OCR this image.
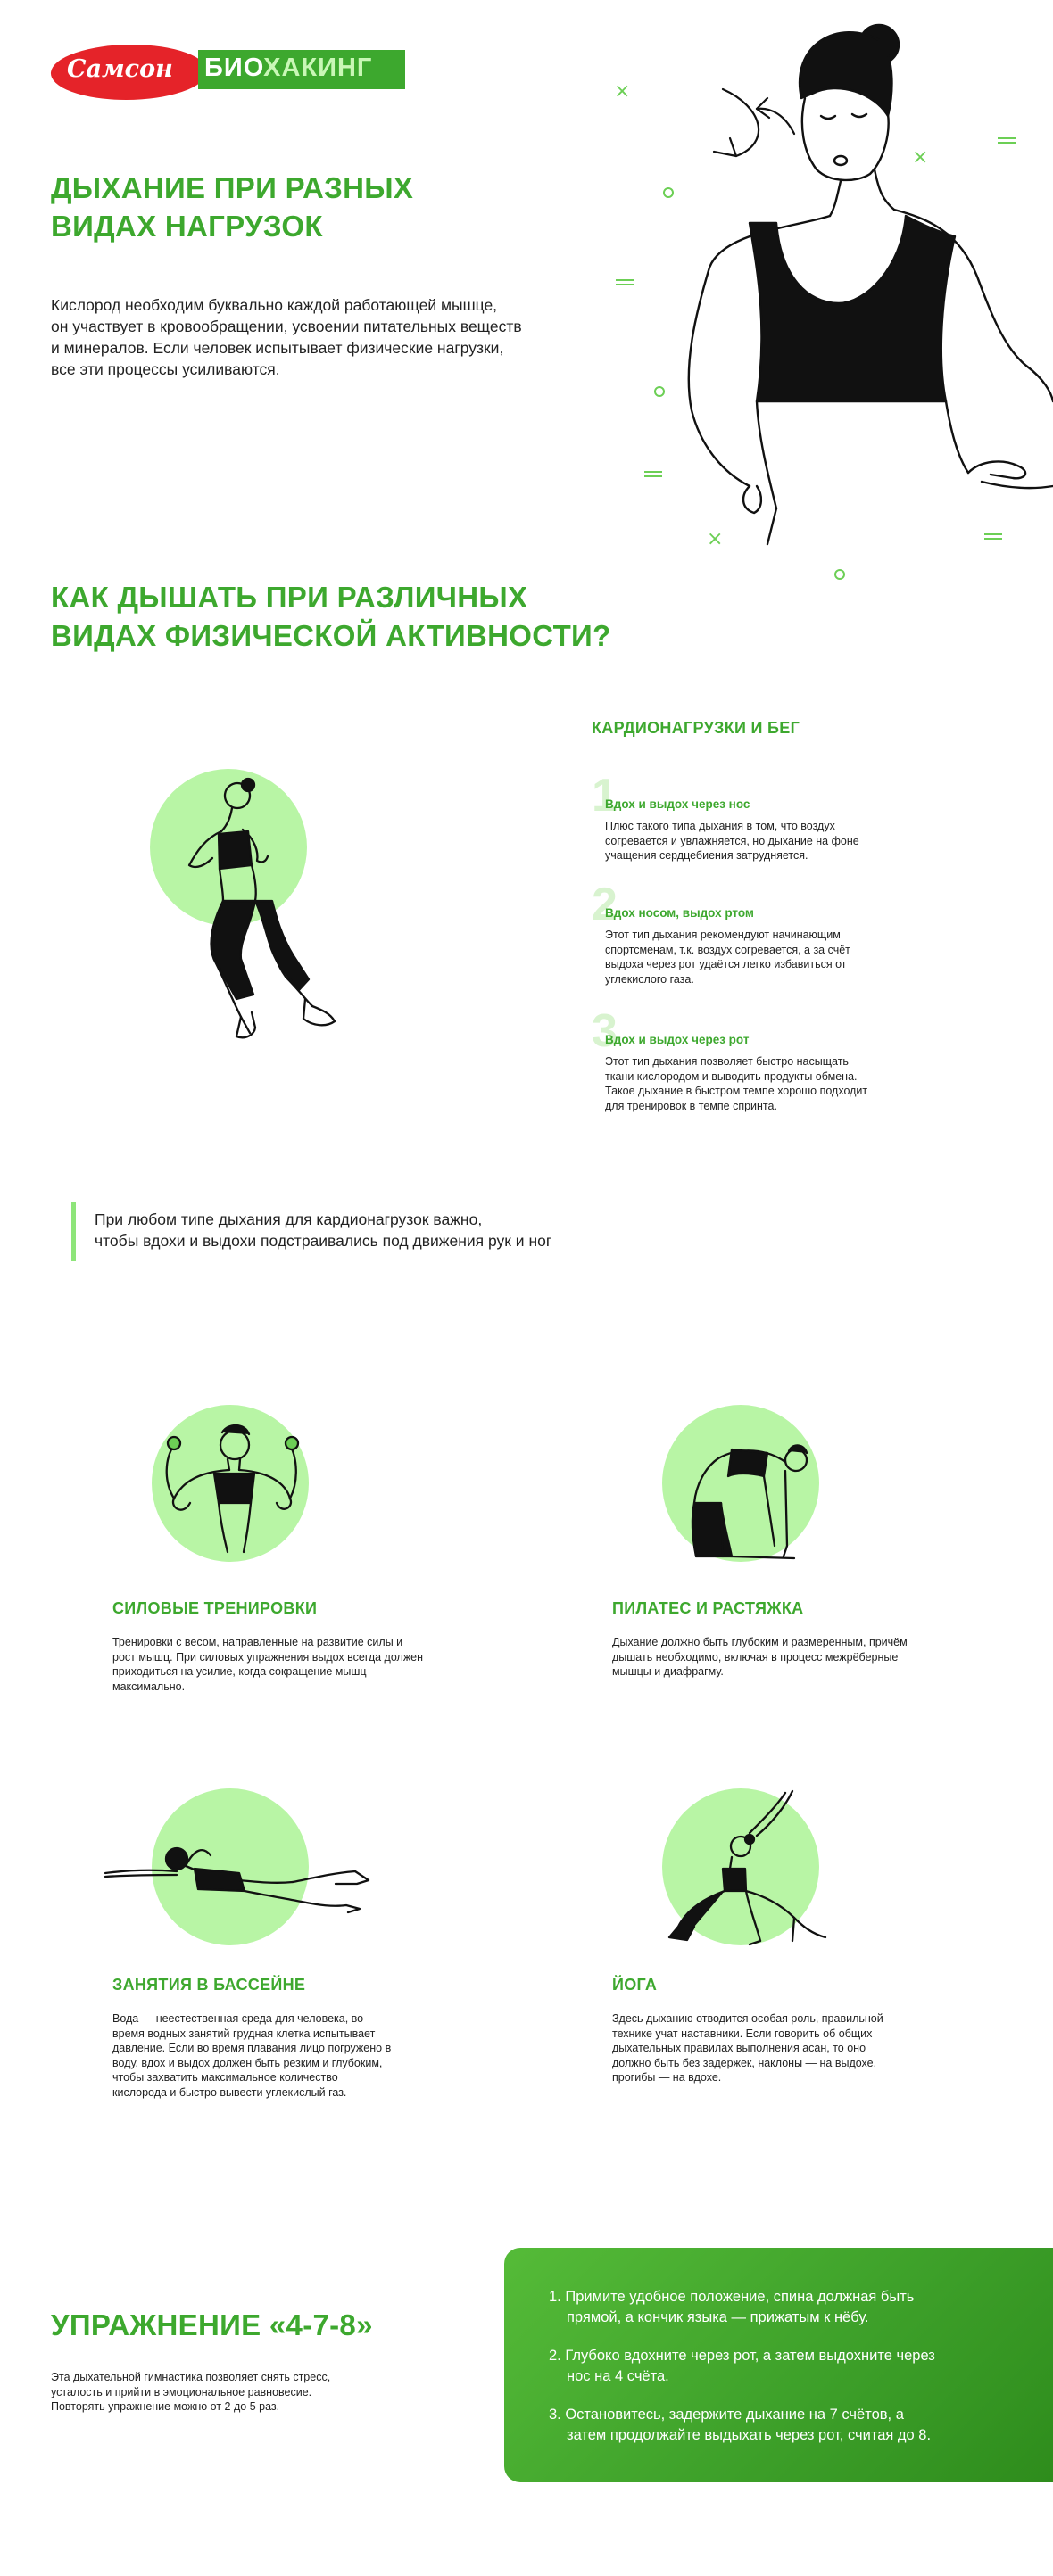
Самсон БИОХАКИНГ
ДЫХАНИЕ ПРИ РАЗНЫХ
ВИДАХ НАГРУЗОК
Кислород необходим буквально каждой работающей мышце,
он участвует в кровообращении, усвоении питательных веществ
и минералов. Если человек испытывает физические нагрузки,
все эти процессы усиливаются.
×
×
×
КАК ДЫШАТЬ ПРИ РАЗЛИЧНЫХ
ВИДАХ ФИЗИЧЕСКОЙ АКТИВНОСТИ?
КАРДИОНАГРУЗКИ И БЕГ
1
Вдох и выдох через нос
Плюс такого типа дыхания в том, что воздух
согревается и увлажняется, но дыхание на фоне
учащения сердцебиения затрудняется.
2
Вдох носом, выдох ртом
Этот тип дыхания рекомендуют начинающим
спортсменам, т.к. воздух согревается, а за счёт
выдоха через рот удаётся легко избавиться от
углекислого газа.
3
Вдох и выдох через рот
Этот тип дыхания позволяет быстро насыщать
ткани кислородом и выводить продукты обмена.
Такое дыхание в быстром темпе хорошо подходит
для тренировок в темпе спринта.
При любом типе дыхания для кардионагрузок важно,
чтобы вдохи и выдохи подстраивались под движения рук и ног
СИЛОВЫЕ ТРЕНИРОВКИ
Тренировки с весом, направленные на развитие силы и
рост мышц. При силовых упражнения выдох всегда должен
приходиться на усилие, когда сокращение мышц
максимально.
ПИЛАТЕС И РАСТЯЖКА
Дыхание должно быть глубоким и размеренным, причём
дышать необходимо, включая в процесс межрёберные
мышцы и диафрагму.
ЗАНЯТИЯ В БАССЕЙНЕ
Вода — неестественная среда для человека, во
время водных занятий грудная клетка испытывает
давление. Если во время плавания лицо погружено в
воду, вдох и выдох должен быть резким и глубоким,
чтобы захватить максимальное количество
кислорода и быстро вывести углекислый газ.
ЙОГА
Здесь дыханию отводится особая роль, правильной
технике учат наставники. Если говорить об общих
дыхательных правилах выполнения асан, то оно
должно быть без задержек, наклоны — на выдохе,
прогибы — на вдохе.
УПРАЖНЕНИЕ «4-7-8»
Эта дыхательной гимнастика позволяет снять стресс,
усталость и прийти в эмоциональное равновесие.
Повторять упражнение можно от 2 до 5 раз.
1. Примите удобное положение, спина должная быть
прямой, а кончик языка — прижатым к нёбу.
2. Глубоко вдохните через рот, а затем выдохните через
нос на 4 счёта.
3. Остановитесь, задержите дыхание на 7 счётов, а
затем продолжайте выдыхать через рот, считая до 8.
